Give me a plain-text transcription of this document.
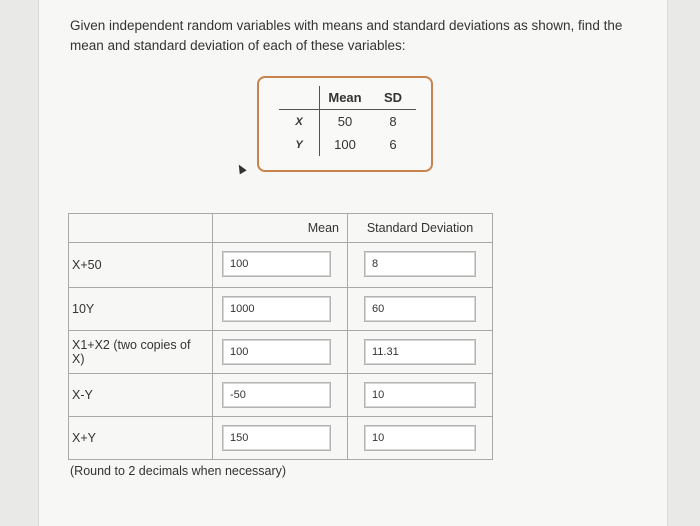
Given independent random variables with means and standard deviations as shown, find the mean and standard deviation of each of these variables:
	Mean	SD
X	50	8
Y	100	6
	Mean	Standard Deviation
X+50	100	8

10Y	1000	60

X1+X2 (two copies of X)	100	11.31

X-Y	-50	10

X+Y	150	10
(Round to 2 decimals when necessary)
